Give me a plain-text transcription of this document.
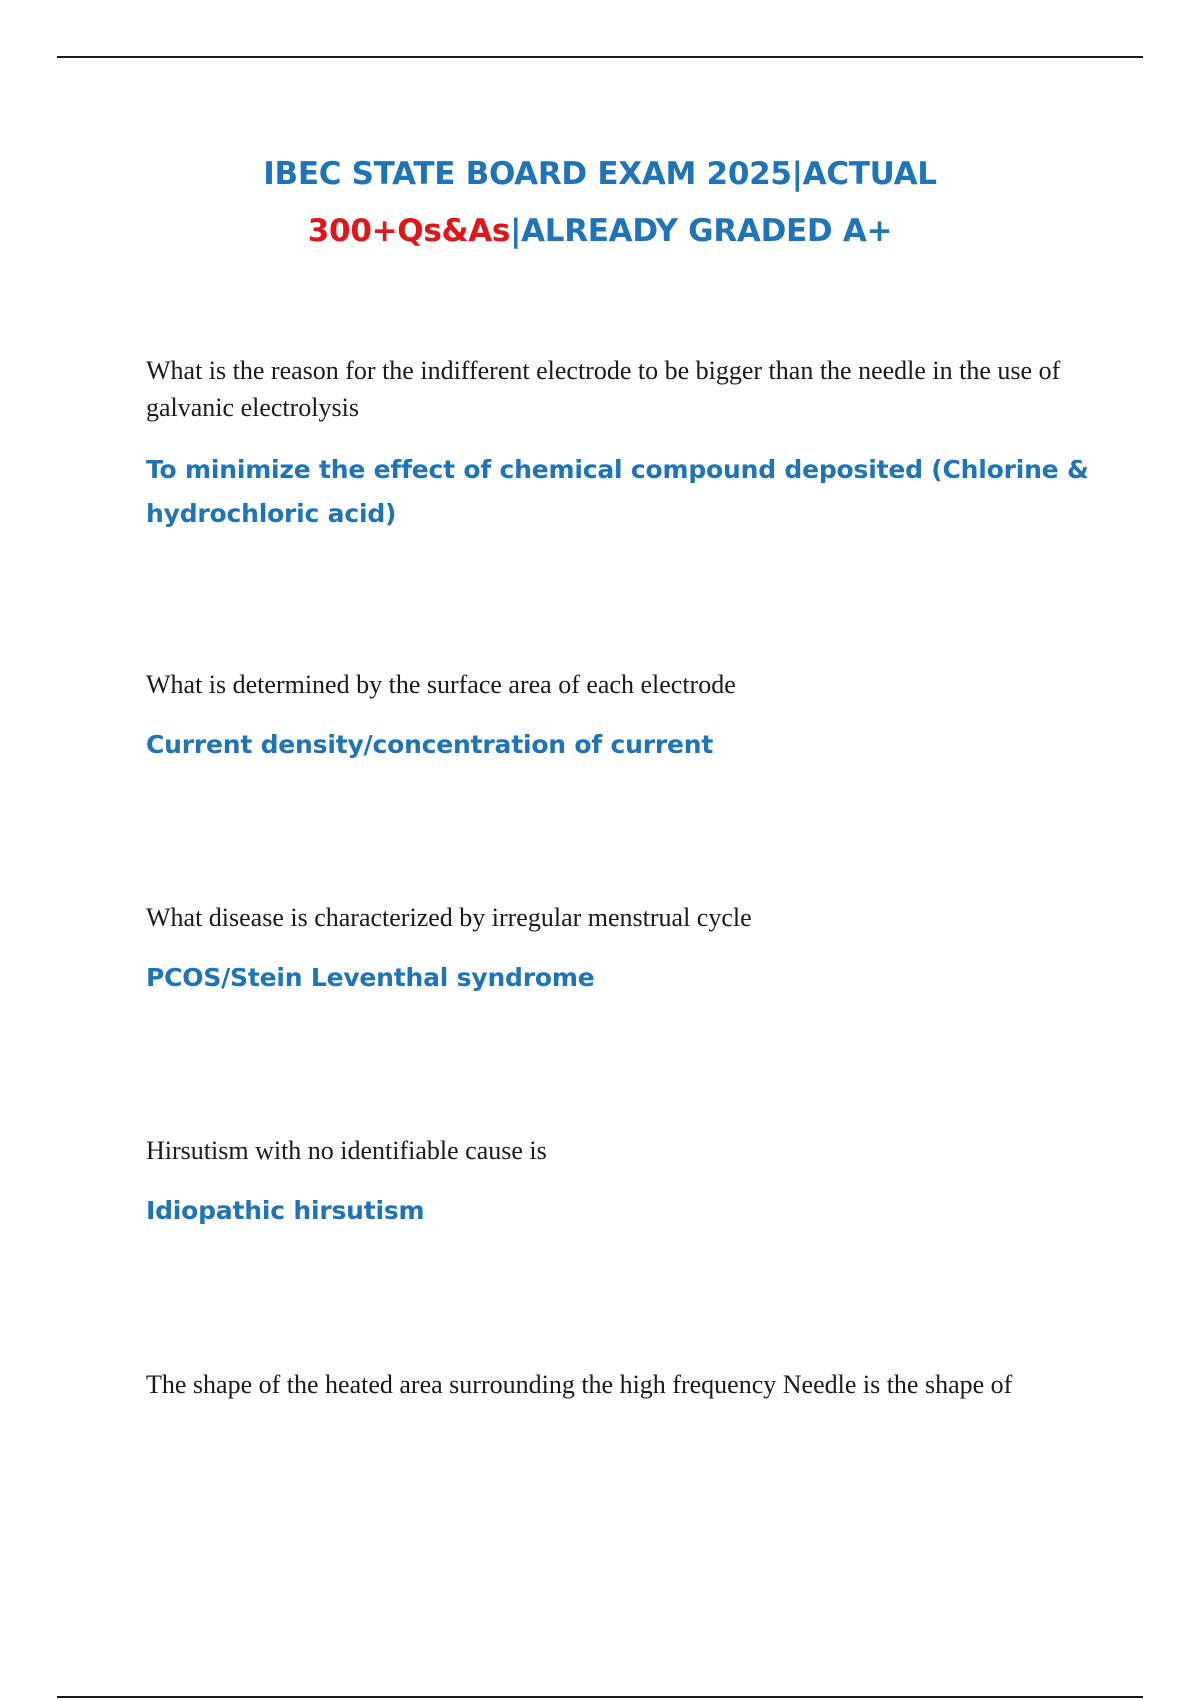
IBEC STATE BOARD EXAM 2025|ACTUAL
300+Qs&As|ALREADY GRADED A+

What is the reason for the indifferent electrode to be bigger than the needle in the use of galvanic electrolysis

To minimize the effect of chemical compound deposited (Chlorine & hydrochloric acid)

What is determined by the surface area of each electrode

Current density/concentration of current

What disease is characterized by irregular menstrual cycle

PCOS/Stein Leventhal syndrome

Hirsutism with no identifiable cause is

Idiopathic hirsutism

The shape of the heated area surrounding the high frequency Needle is the shape of
